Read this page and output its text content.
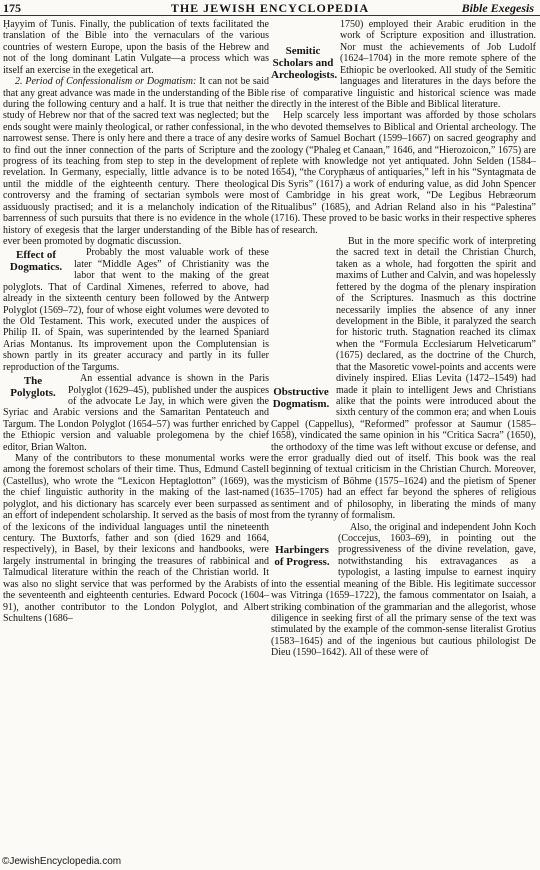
175	THE JEWISH ENCYCLOPEDIA	Bible Exegesis

Ḥayyim of Tunis. Finally, the publication of texts facilitated the translation of the Bible into the vernaculars of the various countries of western Europe, upon the basis of the Hebrew and not of the long dominant Latin Vulgate—a process which was itself an exercise in the exegetical art.

2. Period of Confessionalism or Dogmatism: It can not be said that any great advance was made in the understanding of the Bible during the following century and a half. It is true that neither the study of Hebrew nor that of the sacred text was neglected; but the ends sought were mainly theological, or rather confessional, in the narrowest sense. There is only here and there a trace of any desire to find out the inner connection of the parts of Scripture and the progress of its teaching from step to step in the development of revelation. In Germany, especially, little advance is to be noted until the middle of the eighteenth century. There theological controversy and the framing of sectarian symbols were most assiduously practised; and it is a melancholy indication of the barrenness of such pursuits that there is no evidence in the whole history of exegesis that the larger understanding of the Bible has ever been promoted by dogmatic discussion.

Effect of Dogmatics.
Probably the most valuable work of these later “Middle Ages” of Christianity was the labor that went to the making of the great polyglots. That of Cardinal Ximenes, referred to above, had already in the sixteenth century been followed by the Antwerp Polyglot (1569–72), four of whose eight volumes were devoted to the Old Testament. This work, executed under the auspices of Philip II. of Spain, was superintended by the learned Spaniard Arias Montanus. Its improvement upon the Complutensian is shown partly in its greater accuracy and partly in its fuller reproduction of the Targums.

The Polyglots.
An essential advance is shown in the Paris Polyglot (1629–45), published under the auspices of the advocate Le Jay, in which were given the Syriac and Arabic versions and the Samaritan Pentateuch and Targum. The London Polyglot (1654–57) was further enriched by the Ethiopic version and valuable prolegomena by the chief editor, Brian Walton.

Many of the contributors to these monumental works were among the foremost scholars of their time. Thus, Edmund Castell (Castellus), who wrote the “Lexicon Heptaglotton” (1669), was the chief linguistic authority in the making of the last-named polyglot, and his dictionary has scarcely ever been surpassed as an effort of independent scholarship. It served as the basis of most of the lexicons of the individual languages until the nineteenth century. The Buxtorfs, father and son (died 1629 and 1664, respectively), in Basel, by their lexicons and handbooks, were largely instrumental in bringing the treasures of rabbinical and Talmudical literature within the reach of the Christian world. It was also no slight service that was performed by the Arabists of the seventeenth and eighteenth centuries. Edward Pocock (1604–91), another contributor to the London Polyglot, and Albert Schultens (1686–

Semitic Scholars and Archeologists.
1750) employed their Arabic erudition in the work of Scripture exposition and illustration. Nor must the achievements of Job Ludolf (1624–1704) in the more remote sphere of the Ethiopic be overlooked. All study of the Semitic languages and literatures in the days before the rise of comparative linguistic and historical science was made directly in the interest of the Bible and Biblical literature.

Help scarcely less important was afforded by those scholars who devoted themselves to Biblical and Oriental archeology. The works of Samuel Bochart (1599–1667) on sacred geography and zoology (“Phaleg et Canaan,” 1646, and “Hierozoicon,” 1675) are replete with knowledge not yet antiquated. John Selden (1584–1654), “the Coryphæus of antiquaries,” left in his “Syntagmata de Dis Syris” (1617) a work of enduring value, as did John Spencer of Cambridge in his great work, “De Legibus Hebræorum Ritualibus” (1685), and Adrian Reland also in his “Palestina” (1716). These proved to be basic works in their respective spheres of research.

Obstructive Dogmatism.
But in the more specific work of interpreting the sacred text in detail the Christian Church, taken as a whole, had forgotten the spirit and maxims of Luther and Calvin, and was hopelessly fettered by the dogma of the plenary inspiration of the Scriptures. Inasmuch as this doctrine necessarily implies the absence of any inner development in the Bible, it paralyzed the search for historic truth. Stagnation reached its climax when the “Formula Ecclesiarum Helveticarum” (1675) declared, as the doctrine of the Church, that the Masoretic vowel-points and accents were divinely inspired. Elias Levita (1472–1549) had made it plain to intelligent Jews and Christians alike that the points were introduced about the sixth century of the common era; and when Louis Cappel (Cappellus), “Reformed” professor at Saumur (1585–1658), vindicated the same opinion in his “Critica Sacra” (1650), the orthodoxy of the time was left without excuse or defense, and the error gradually died out of itself. This book was the real beginning of textual criticism in the Christian Church. Moreover, the mysticism of Böhme (1575–1624) and the pietism of Spener (1635–1705) had an effect far beyond the spheres of religious sentiment and of philosophy, in liberating the minds of many from the tyranny of formalism.

Harbingers of Progress.
Also, the original and independent John Koch (Coccejus, 1603–69), in pointing out the progressiveness of the divine revelation, gave, notwithstanding his extravagances as a typologist, a lasting impulse to earnest inquiry into the essential meaning of the Bible. His legitimate successor was Vitringa (1659–1722), the famous commentator on Isaiah, a striking combination of the grammarian and the allegorist, whose diligence in seeking first of all the primary sense of the text was stimulated by the example of the common-sense literalist Grotius (1583–1645) and of the ingenious but cautious philologist De Dieu (1590–1642). All of these were of

©JewishEncyclopedia.com
